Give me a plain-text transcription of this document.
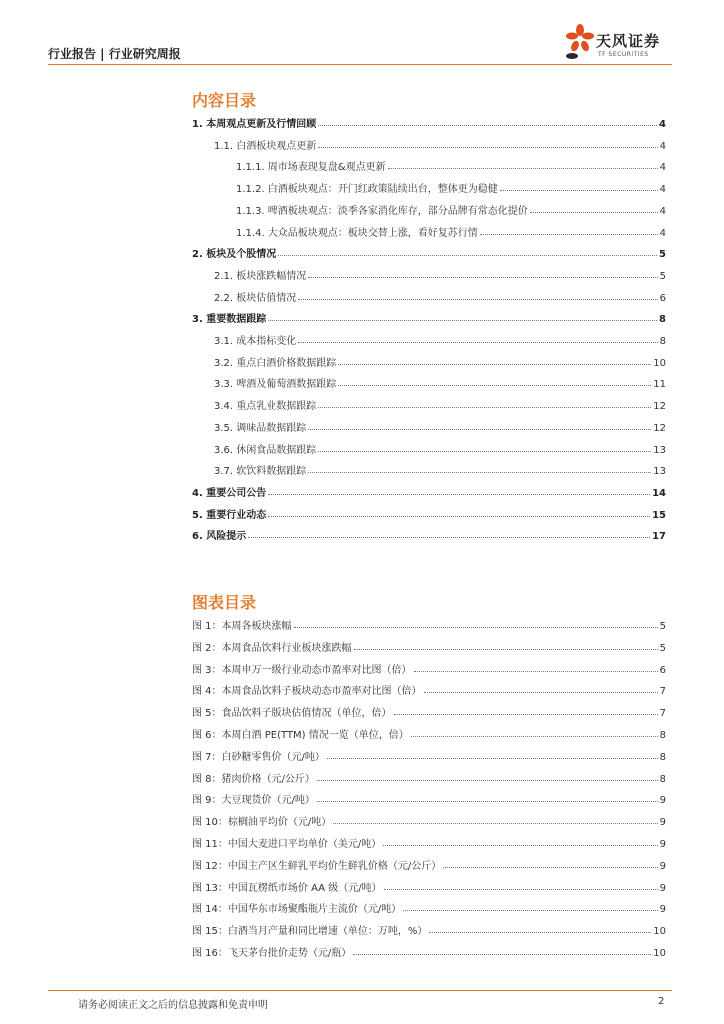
行业报告 | 行业研究周报
天风证券
TF SECURITIES
内容目录
1. 本周观点更新及行情回顾	4
1.1. 白酒板块观点更新	4
1.1.1. 周市场表现复盘&观点更新	4
1.1.2. 白酒板块观点：开门红政策陆续出台，整体更为稳健	4
1.1.3. 啤酒板块观点：淡季各家消化库存，部分品牌有常态化提价	4
1.1.4. 大众品板块观点：板块交替上涨，看好复苏行情	4
2. 板块及个股情况	5
2.1. 板块涨跌幅情况	5
2.2. 板块估值情况	6
3. 重要数据跟踪	8
3.1. 成本指标变化	8
3.2. 重点白酒价格数据跟踪	10
3.3. 啤酒及葡萄酒数据跟踪	11
3.4. 重点乳业数据跟踪	12
3.5. 调味品数据跟踪	12
3.6. 休闲食品数据跟踪	13
3.7. 软饮料数据跟踪	13
4. 重要公司公告	14
5. 重要行业动态	15
6. 风险提示	17
图表目录
图 1：本周各板块涨幅	5
图 2：本周食品饮料行业板块涨跌幅	5
图 3：本周申万一级行业动态市盈率对比图（倍）	6
图 4：本周食品饮料子板块动态市盈率对比图（倍）	7
图 5：食品饮料子版块估值情况（单位，倍）	7
图 6：本周白酒 PE(TTM) 情况一览（单位，倍）	8
图 7：白砂糖零售价（元/吨）	8
图 8：猪肉价格（元/公斤）	8
图 9：大豆现货价（元/吨）	9
图 10：棕榈油平均价（元/吨）	9
图 11：中国大麦进口平均单价（美元/吨）	9
图 12：中国主产区生鲜乳平均价生鲜乳价格（元/公斤）	9
图 13：中国瓦楞纸市场价 AA 级（元/吨）	9
图 14：中国华东市场聚酯瓶片主流价（元/吨）	9
图 15：白酒当月产量和同比增速（单位：万吨，%）	10
图 16：飞天茅台批价走势（元/瓶）	10
请务必阅读正文之后的信息披露和免责申明	2
